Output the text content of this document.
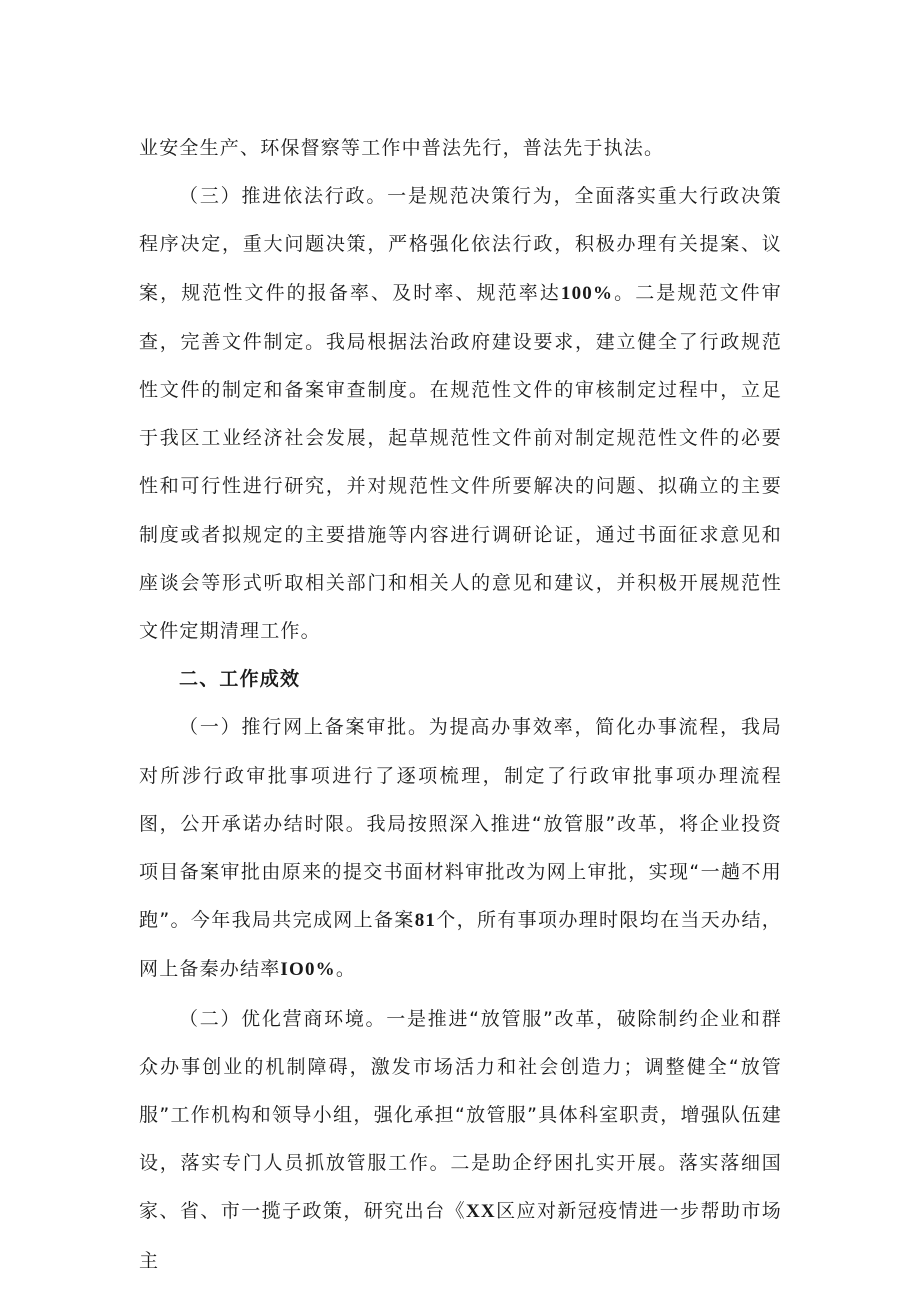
业安全生产、环保督察等工作中普法先行，普法先于执法。

（三）推进依法行政。一是规范决策行为，全面落实重大行政决策程序决定，重大问题决策，严格强化依法行政，积极办理有关提案、议案，规范性文件的报备率、及时率、规范率达100%。二是规范文件审查，完善文件制定。我局根据法治政府建设要求，建立健全了行政规范性文件的制定和备案审查制度。在规范性文件的审核制定过程中，立足于我区工业经济社会发展，起草规范性文件前对制定规范性文件的必要性和可行性进行研究，并对规范性文件所要解决的问题、拟确立的主要制度或者拟规定的主要措施等内容进行调研论证，通过书面征求意见和座谈会等形式听取相关部门和相关人的意见和建议，并积极开展规范性文件定期清理工作。

二、工作成效

（一）推行网上备案审批。为提高办事效率，简化办事流程，我局对所涉行政审批事项进行了逐项梳理，制定了行政审批事项办理流程图，公开承诺办结时限。我局按照深入推进“放管服”改革，将企业投资项目备案审批由原来的提交书面材料审批改为网上审批，实现“一趟不用跑”。今年我局共完成网上备案81个，所有事项办理时限均在当天办结，网上备秦办结率IO0%。

（二）优化营商环境。一是推进“放管服”改革，破除制约企业和群众办事创业的机制障碍，激发市场活力和社会创造力；调整健全“放管服”工作机构和领导小组，强化承担“放管服”具体科室职责，增强队伍建设，落实专门人员抓放管服工作。二是助企纾困扎实开展。落实落细国家、省、市一揽子政策，研究出台《XX区应对新冠疫情进一步帮助市场主
